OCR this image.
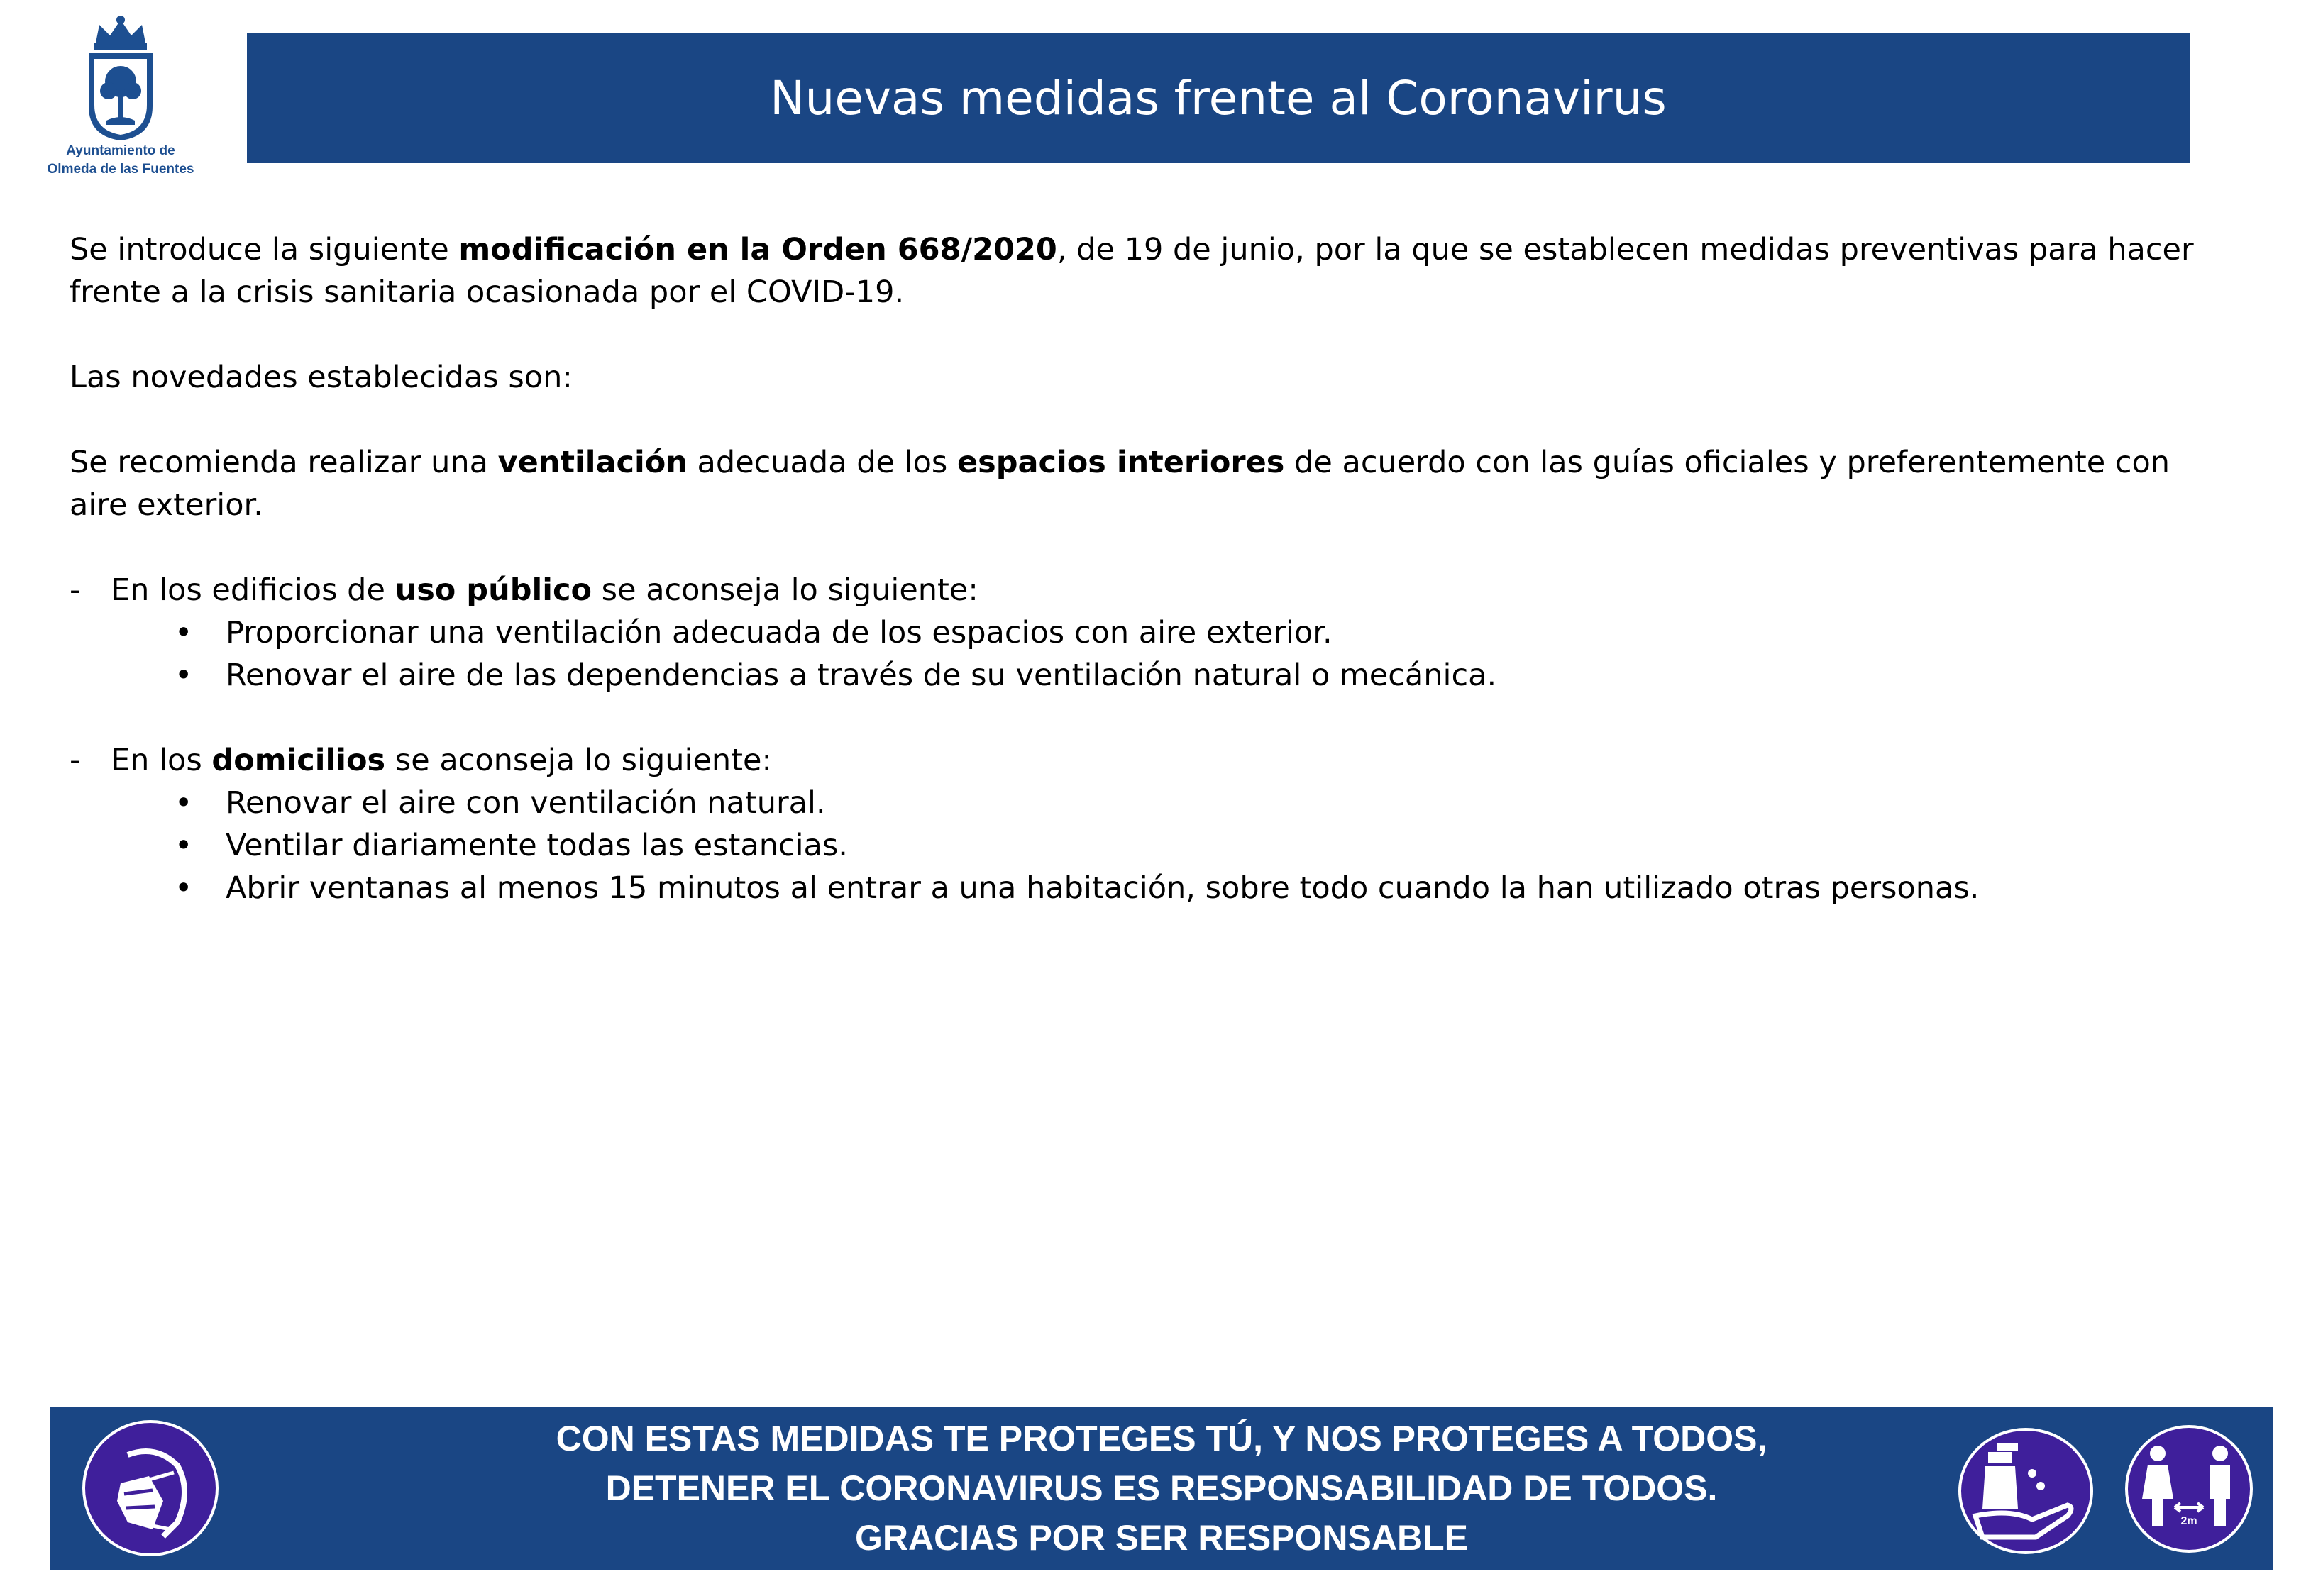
Ayuntamiento de
Olmeda de las Fuentes
Nuevas medidas frente al Coronavirus

Se introduce la siguiente modificación en la Orden 668/2020, de 19 de junio, por la que se establecen medidas preventivas para hacer frente a la crisis sanitaria ocasionada por el COVID-19.

Las novedades establecidas son:

Se recomienda realizar una ventilación adecuada de los espacios interiores de acuerdo con las guías oficiales y preferentemente con aire exterior.

- En los edificios de uso público se aconseja lo siguiente:
• Proporcionar una ventilación adecuada de los espacios con aire exterior.
• Renovar el aire de las dependencias a través de su ventilación natural o mecánica.
- En los domicilios se aconseja lo siguiente:
• Renovar el aire con ventilación natural.
• Ventilar diariamente todas las estancias.
• Abrir ventanas al menos 15 minutos al entrar a una habitación, sobre todo cuando la han utilizado otras personas.
CON ESTAS MEDIDAS TE PROTEGES TÚ, Y NOS PROTEGES A TODOS,
DETENER EL CORONAVIRUS ES RESPONSABILIDAD DE TODOS.
GRACIAS POR SER RESPONSABLE	2m
